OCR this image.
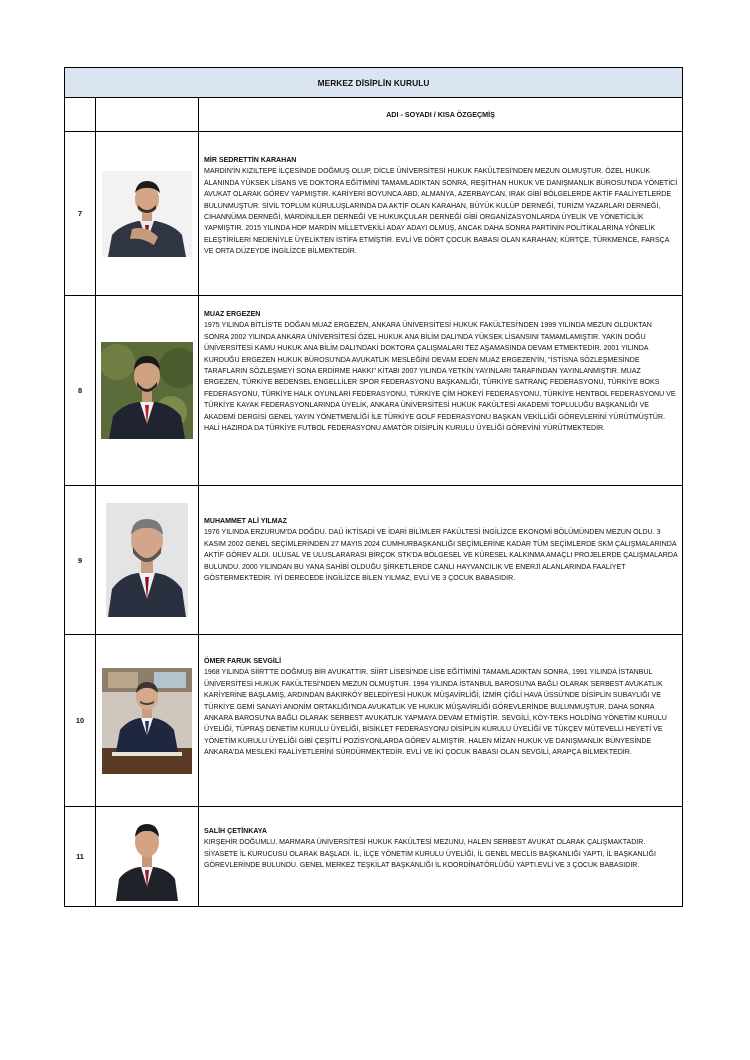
MERKEZ DİSİPLİN KURULU		
		ADI - SOYADI / KISA ÖZGEÇMİŞ
7		MİR SEDRETTİN KARAHAN
MARDİN'İN KIZILTEPE İLÇESİNDE DOĞMUŞ OLUP, DİCLE ÜNİVERSİTESİ HUKUK FAKÜLTESİ'NDEN MEZUN OLMUŞTUR. ÖZEL HUKUK ALANINDA YÜKSEK LİSANS VE DOKTORA EĞİTİMİNİ TAMAMLADIKTAN SONRA, REŞİTHAN HUKUK VE DANIŞMANLIK BÜROSU'NDA YÖNETİCİ AVUKAT OLARAK GÖREV YAPMIŞTIR. KARİYERİ BOYUNCA ABD, ALMANYA, AZERBAYCAN, IRAK GİBİ BÖLGELERDE AKTİF FAALİYETLERDE BULUNMUŞTUR. SİVİL TOPLUM KURULUŞLARINDA DA AKTİF OLAN KARAHAN, BÜYÜK KULÜP DERNEĞİ, TURİZM YAZARLARI DERNEĞİ, CİHANNÜMA DERNEĞİ, MARDİNLİLER DERNEĞİ VE HUKUKÇULAR DERNEĞİ GİBİ ORGANİZASYONLARDA ÜYELİK VE YÖNETİCİLİK YAPMIŞTIR. 2015 YILINDA HDP MARDİN MİLLETVEKİLİ ADAY ADAYI OLMUŞ, ANCAK DAHA SONRA PARTİNİN POLİTİKALARINA YÖNELİK ELEŞTİRİLERİ NEDENİYLE ÜYELİKTEN İSTİFA ETMİŞTİR. EVLİ VE DÖRT ÇOCUK BABASI OLAN KARAHAN; KÜRTÇE, TÜRKMENCE, FARSÇA VE ORTA DÜZEYDE İNGİLİZCE BİLMEKTEDİR.

8		MUAZ ERGEZEN
1975 YILINDA BİTLİS'TE DOĞAN MUAZ ERGEZEN, ANKARA ÜNİVERSİTESİ HUKUK FAKÜLTESİ'NDEN 1999 YILINDA MEZUN OLDUKTAN SONRA 2002 YILINDA ANKARA ÜNİVERSİTESİ ÖZEL HUKUK ANA BİLİM DALI'NDA YÜKSEK LİSANSINI TAMAMLAMIŞTIR. YAKIN DOĞU ÜNİVERSİTESİ KAMU HUKUK ANA BİLİM DALI'NDAKİ DOKTORA ÇALIŞMALARI TEZ AŞAMASINDA DEVAM ETMEKTEDİR. 2001 YILINDA KURDUĞU ERGEZEN HUKUK BÜROSU'NDA AVUKATLIK MESLEĞİNİ DEVAM EDEN MUAZ ERGEZEN'İN, "İSTİSNA SÖZLEŞMESİNDE TARAFLARIN SÖZLEŞMEYİ SONA ERDİRME HAKKI" KİTABI 2007 YILINDA YETKİN YAYINLARI TARAFINDAN YAYINLANMIŞTIR. MUAZ ERGEZEN, TÜRKİYE BEDENSEL ENGELLİLER SPOR FEDERASYONU BAŞKANLIĞI, TÜRKİYE SATRANÇ FEDERASYONU, TÜRKİYE BOKS FEDERASYONU, TÜRKİYE HALK OYUNLARI FEDERASYONU, TÜRKİYE ÇİM HOKEYİ FEDERASYONU, TÜRKİYE HENTBOL FEDERASYONU VE TÜRKİYE KAYAK FEDERASYONLARINDA ÜYELİK, ANKARA ÜNİVERSİTESİ HUKUK FAKÜLTESİ AKADEMİ TOPLULUĞU BAŞKANLIĞI VE AKADEMİ DERGİSİ GENEL YAYIN YÖNETMENLİĞİ İLE TÜRKİYE GOLF FEDERASYONU BAŞKAN VEKİLLİĞİ GÖREVLERİNİ YÜRÜTMÜŞTÜR. HALİ HAZIRDA DA TÜRKİYE FUTBOL FEDERASYONU AMATÖR DİSİPLİN KURULU ÜYELİĞİ GÖREVİNİ YÜRÜTMEKTEDİR.

9		MUHAMMET ALİ YILMAZ
1976 YILINDA ERZURUM'DA DOĞDU. DAÜ İKTİSADİ VE İDARİ BİLİMLER FAKÜLTESİ İNGİLİZCE EKONOMİ BÖLÜMÜNDEN MEZUN OLDU. 3 KASIM 2002 GENEL SEÇİMLERİNDEN 27 MAYIS 2024 CUMHURBAŞKANLIĞI SEÇİMLERİNE KADAR TÜM SEÇİMLERDE SKM ÇALIŞMALARINDA AKTİF GÖREV ALDI. ULUSAL VE ULUSLARARASI BİRÇOK STK'DA BÖLGESEL VE KÜRESEL KALKINMA AMAÇLI PROJELERDE ÇALIŞMALARDA BULUNDU. 2000 YILINDAN BU YANA SAHİBİ OLDUĞU ŞİRKETLERDE CANLI HAYVANCILIK VE ENERJİ ALANLARINDA FAALİYET GÖSTERMEKTEDİR. İYİ DERECEDE İNGİLİZCE BİLEN YILMAZ, EVLİ VE 3 ÇOCUK BABASIDIR.

10		ÖMER FARUK SEVGİLİ
1968 YILINDA SİİRT'TE DOĞMUŞ BİR AVUKATTIR. SİİRT LİSESİ'NDE LİSE EĞİTİMİNİ TAMAMLADIKTAN SONRA, 1991 YILINDA İSTANBUL ÜNİVERSİTESİ HUKUK FAKÜLTESİ'NDEN MEZUN OLMUŞTUR. 1994 YILINDA İSTANBUL BAROSU'NA BAĞLI OLARAK SERBEST AVUKATLIK KARİYERİNE BAŞLAMIŞ, ARDINDAN BAKIRKÖY BELEDİYESİ HUKUK MÜŞAVİRLİĞİ, İZMİR ÇİĞLİ HAVA ÜSSÜ'NDE DİSİPLİN SUBAYLIĞI VE TÜRKİYE GEMİ SANAYİ ANONİM ORTAKLIĞI'NDA AVUKATLIK VE HUKUK MÜŞAVİRLİĞİ GÖREVLERİNDE BULUNMUŞTUR. DAHA SONRA ANKARA BAROSU'NA BAĞLI OLARAK SERBEST AVUKATLIK YAPMAYA DEVAM ETMİŞTİR. SEVGİLİ, KÖY-TEKS HOLDİNG YÖNETİM KURULU ÜYELİĞİ, TÜPRAŞ DENETİM KURULU ÜYELİĞİ, BİSİKLET FEDERASYONU DİSİPLİN KURULU ÜYELİĞİ VE TÜKÇEV MÜTEVELLİ HEYETİ VE YÖNETİM KURULU ÜYELİĞİ GİBİ ÇEŞİTLİ POZİSYONLARDA GÖREV ALMIŞTIR. HALEN MİZAN HUKUK VE DANIŞMANLIK BÜNYESİNDE ANKARA'DA MESLEKİ FAALİYETLERİNİ SÜRDÜRMEKTEDİR. EVLİ VE İKİ ÇOCUK BABASI OLAN SEVGİLİ, ARAPÇA BİLMEKTEDİR.

11		SALİH ÇETİNKAYA
KIRŞEHİR DOĞUMLU. MARMARA ÜNİVERSİTESİ HUKUK FAKÜLTESİ MEZUNU, HALEN SERBEST AVUKAT OLARAK ÇALIŞMAKTADIR. SİYASETE İL KURUCUSU OLARAK BAŞLADI. İL, İLÇE YÖNETİM KURULU ÜYELİĞİ, İL GENEL MECLİS BAŞKANLIĞI YAPTI, İL BAŞKANLIĞI GÖREVLERİNDE BULUNDU. GENEL MERKEZ TEŞKİLAT BAŞKANLIĞI İL KOORDİNATÖRLÜĞÜ YAPTI.EVLİ VE 3 ÇOCUK BABASIDIR.
